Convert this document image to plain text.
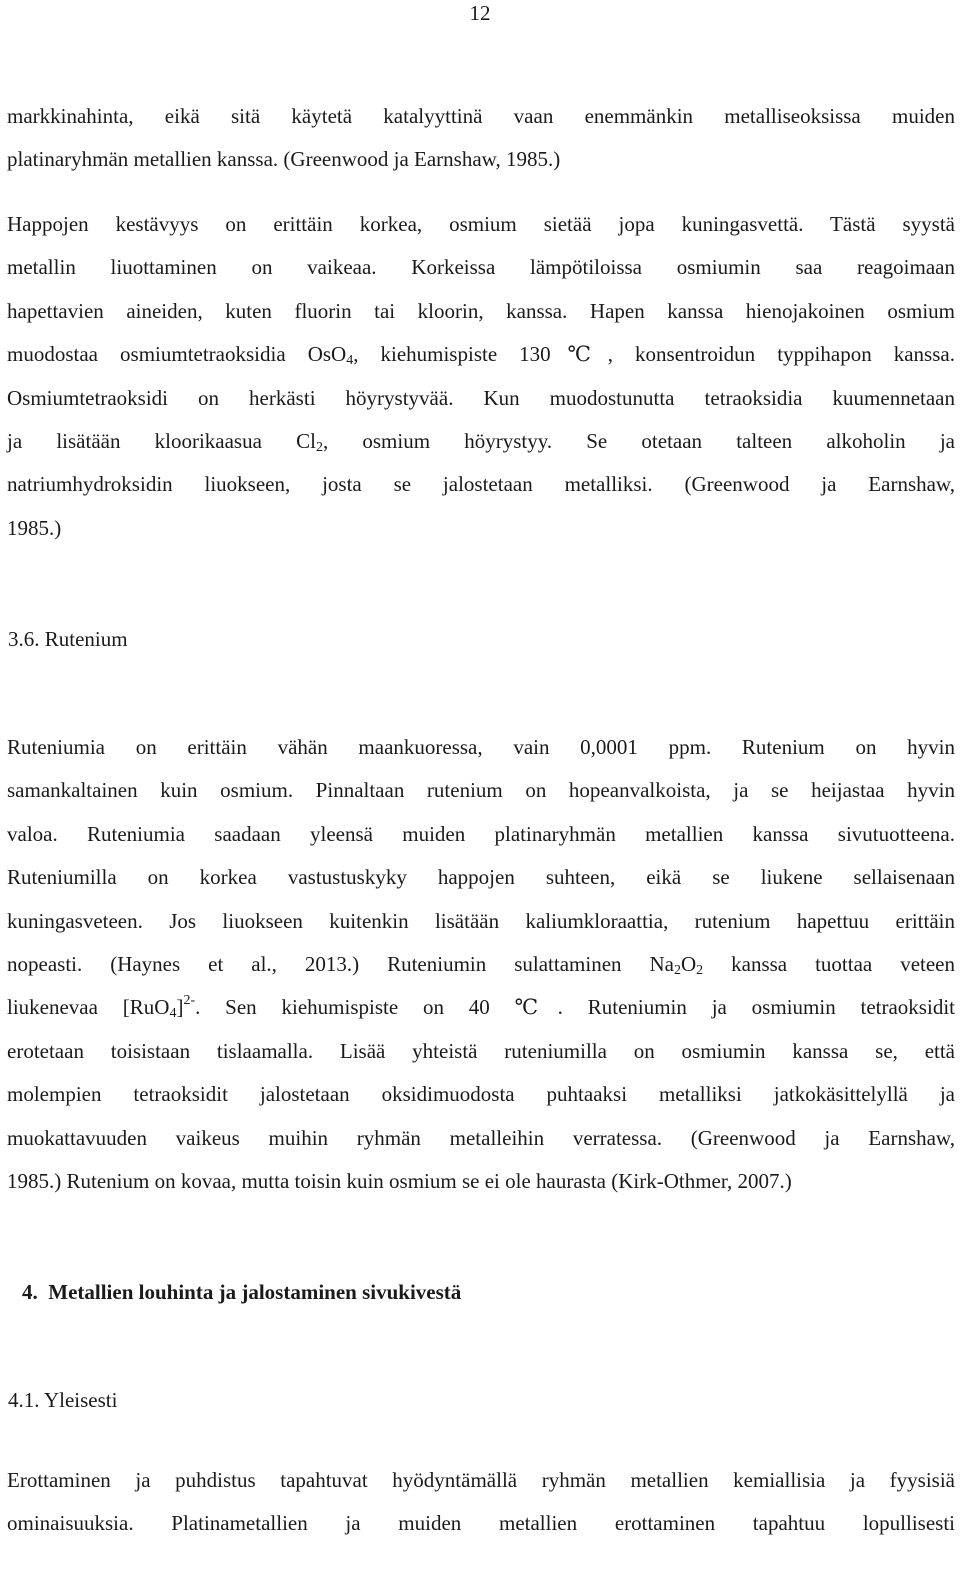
12
markkinahinta, eikä sitä käytetä katalyyttinä vaan enemmänkin metalliseoksissa muiden
platinaryhmän metallien kanssa. (Greenwood ja Earnshaw, 1985.)
Happojen kestävyys on erittäin korkea, osmium sietää jopa kuningasvettä. Tästä syystä
metallin liuottaminen on vaikeaa. Korkeissa lämpötiloissa osmiumin saa reagoimaan
hapettavien aineiden, kuten fluorin tai kloorin, kanssa. Hapen kanssa hienojakoinen osmium
muodostaa osmiumtetraoksidia OsO$_4$, kiehumispiste 130℃, konsentroidun typpihapon kanssa.
Osmiumtetraoksidi on herkästi höyrystyvää. Kun muodostunutta tetraoksidia kuumennetaan
ja lisätään kloorikaasua $Cl_2$, osmium höyrystyy. Se otetaan talteen alkoholin ja
natriumhydroksidin liuokseen, josta se jalostetaan metalliksi. (Greenwood ja Earnshaw,
1985.)
3.6. Rutenium
Ruteniumia on erittäin vähän maankuoressa, vain 0,0001 ppm. Rutenium on hyvin
samankaltainen kuin osmium. Pinnaltaan rutenium on hopeanvalkoista, ja se heijastaa hyvin
valoa. Ruteniumia saadaan yleensä muiden platinaryhmän metallien kanssa sivutuotteena.
Ruteniumilla on korkea vastustuskyky happojen suhteen, eikä se liukene sellaisenaan
kuningasveteen. Jos liuokseen kuitenkin lisätään kaliumkloraattia, rutenium hapettuu erittäin
nopeasti. (Haynes et al., 2013.) Ruteniumin sulattaminen $Na_2O_2$ kanssa tuottaa veteen
liukenevaa $[RuO_4]^{2-}$. Sen kiehumispiste on 40 ℃. Ruteniumin ja osmiumin tetraoksidit
erotetaan toisistaan tislaamalla. Lisää yhteistä ruteniumilla on osmiumin kanssa se, että
molempien tetraoksidit jalostetaan oksidimuodosta puhtaaksi metalliksi jatkokäsittelyllä ja
muokattavuuden vaikeus muihin ryhmän metalleihin verratessa. (Greenwood ja Earnshaw,
1985.) Rutenium on kovaa, mutta toisin kuin osmium se ei ole haurasta (Kirk-Othmer, 2007.)
4.  Metallien louhinta ja jalostaminen sivukivestä
4.1. Yleisesti
Erottaminen ja puhdistus tapahtuvat hyödyntämällä ryhmän metallien kemiallisia ja fyysisiä
ominaisuuksia. Platinametallien ja muiden metallien erottaminen tapahtuu lopullisesti
